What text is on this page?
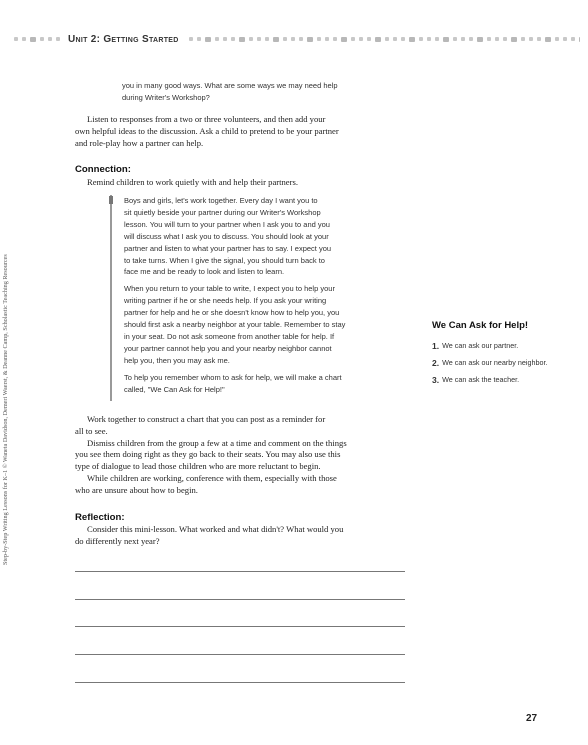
Unit 2: Getting Started
Step-by-Step Writing Lessons for K–1 © Waneta Davidson, Demeri Waerst, & Deanne Camp, Scholastic Teaching Resources
you in many good ways. What are some ways we may need help
during Writer's Workshop?

Listen to responses from a two or three volunteers, and then add your

own helpful ideas to the discussion. Ask a child to pretend to be your partner

and role-play how a partner can help.

Connection:

Remind children to work quietly with and help their partners.

Boys and girls, let's work together. Every day I want you to
sit quietly beside your partner during our Writer's Workshop
lesson. You will turn to your partner when I ask you to and you
will discuss what I ask you to discuss. You should look at your
partner and listen to what your partner has to say. I expect you
to take turns. When I give the signal, you should turn back to
face me and be ready to look and listen to learn.

When you return to your table to write, I expect you to help your
writing partner if he or she needs help. If you ask your writing
partner for help and he or she doesn't know how to help you, you
should first ask a nearby neighbor at your table. Remember to stay
in your seat. Do not ask someone from another table for help. If
your partner cannot help you and your nearby neighbor cannot
help you, then you may ask me.

To help you remember whom to ask for help, we will make a chart
called, "We Can Ask for Help!"

Work together to construct a chart that you can post as a reminder for

all to see.

Dismiss children from the group a few at a time and comment on the things

you see them doing right as they go back to their seats. You may also use this

type of dialogue to lead those children who are more reluctant to begin.

While children are working, conference with them, especially with those

who are unsure about how to begin.

Reflection:

Consider this mini-lesson. What worked and what didn't? What would you

do differently next year?

We Can Ask for Help!

1. We can ask our partner.
2. We can ask our nearby neighbor.
3. We can ask the teacher.
27
